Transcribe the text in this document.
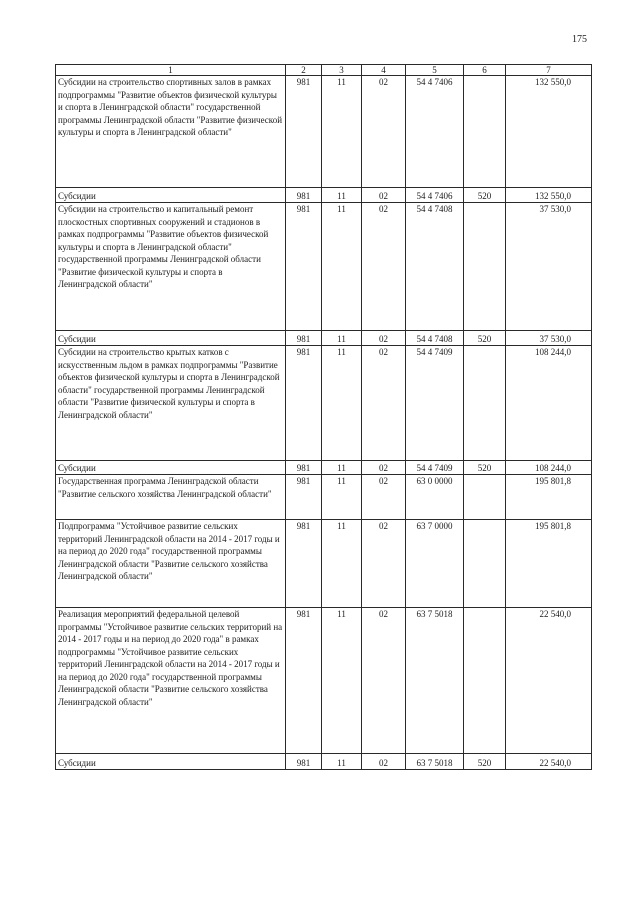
175
1	2	3	4	5	6	7
Субсидии на строительство спортивных залов в рамках подпрограммы "Развитие объектов физической культуры и спорта в Ленинградской области" государственной программы Ленинградской области "Развитие физической культуры и спорта в Ленинградской области"	981	11	02	54 4 7406		132 550,0
Субсидии	981	11	02	54 4 7406	520	132 550,0
Субсидии на строительство и капитальный ремонт плоскостных спортивных сооружений и стадионов в рамках подпрограммы "Развитие объектов физической культуры и спорта в Ленинградской области" государственной программы Ленинградской области "Развитие физической культуры и спорта в Ленинградской области"	981	11	02	54 4 7408		37 530,0
Субсидии	981	11	02	54 4 7408	520	37 530,0
Субсидии на строительство крытых катков с искусственным льдом в рамках подпрограммы "Развитие объектов физической культуры и спорта в Ленинградской области" государственной программы Ленинградской области "Развитие физической культуры и спорта в Ленинградской области"	981	11	02	54 4 7409		108 244,0
Субсидии	981	11	02	54 4 7409	520	108 244,0
Государственная программа Ленинградской области "Развитие сельского хозяйства Ленинградской области"	981	11	02	63 0 0000		195 801,8
Подпрограмма "Устойчивое развитие сельских территорий Ленинградской области на 2014 - 2017 годы и на период до 2020 года" государственной программы Ленинградской области "Развитие сельского хозяйства Ленинградской области"	981	11	02	63 7 0000		195 801,8
Реализация мероприятий федеральной целевой программы "Устойчивое развитие сельских территорий на 2014 - 2017 годы и на период до 2020 года" в рамках подпрограммы "Устойчивое развитие сельских территорий Ленинградской области на 2014 - 2017 годы и на период до 2020 года" государственной программы Ленинградской области "Развитие сельского хозяйства Ленинградской области"	981	11	02	63 7 5018		22 540,0
Субсидии	981	11	02	63 7 5018	520	22 540,0
